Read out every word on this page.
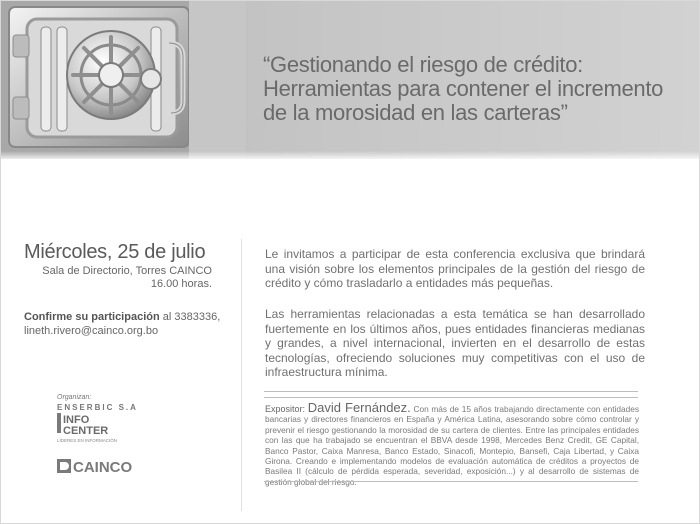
“Gestionando el riesgo de crédito:
Herramientas para contener el incremento
de la morosidad en las carteras”
Miércoles, 25 de julio
Sala de Directorio, Torres CAINCO
16.00 horas.
Confirme su participación al 3383336,
lineth.rivero@cainco.org.bo
Organizan:
ENSERBIC S.A
INFO
CENTER
LÍDERES EN INFORMACIÓN
CAINCO
Le invitamos a participar de esta conferencia exclusiva que brindará una visión sobre los elementos principales de la gestión del riesgo de crédito y cómo trasladarlo a entidades más pequeñas.
Las herramientas relacionadas a esta temática se han desarrollado fuertemente en los últimos años, pues entidades financieras medianas y grandes, a nivel internacional, invierten en el desarrollo de estas tecnologías, ofreciendo soluciones muy competitivas con el uso de infraestructura mínima.
Expositor: David Fernández. Con más de 15 años trabajando directamente con entidades bancarias y directores financieros en España y América Latina, asesorando sobre cómo controlar y prevenir el riesgo gestionando la morosidad de su cartera de clientes. Entre las principales entidades con las que ha trabajado se encuentran el BBVA desde 1998, Mercedes Benz Credit, GE Capital, Banco Pastor, Caixa Manresa, Banco Estado, Sinacofi, Montepio, Bansefi, Caja Libertad, y Caixa Girona. Creando e implementando modelos de evaluación automática de créditos a proyectos de Basilea II (cálculo de pérdida esperada, severidad, exposición...) y al desarrollo de sistemas de
